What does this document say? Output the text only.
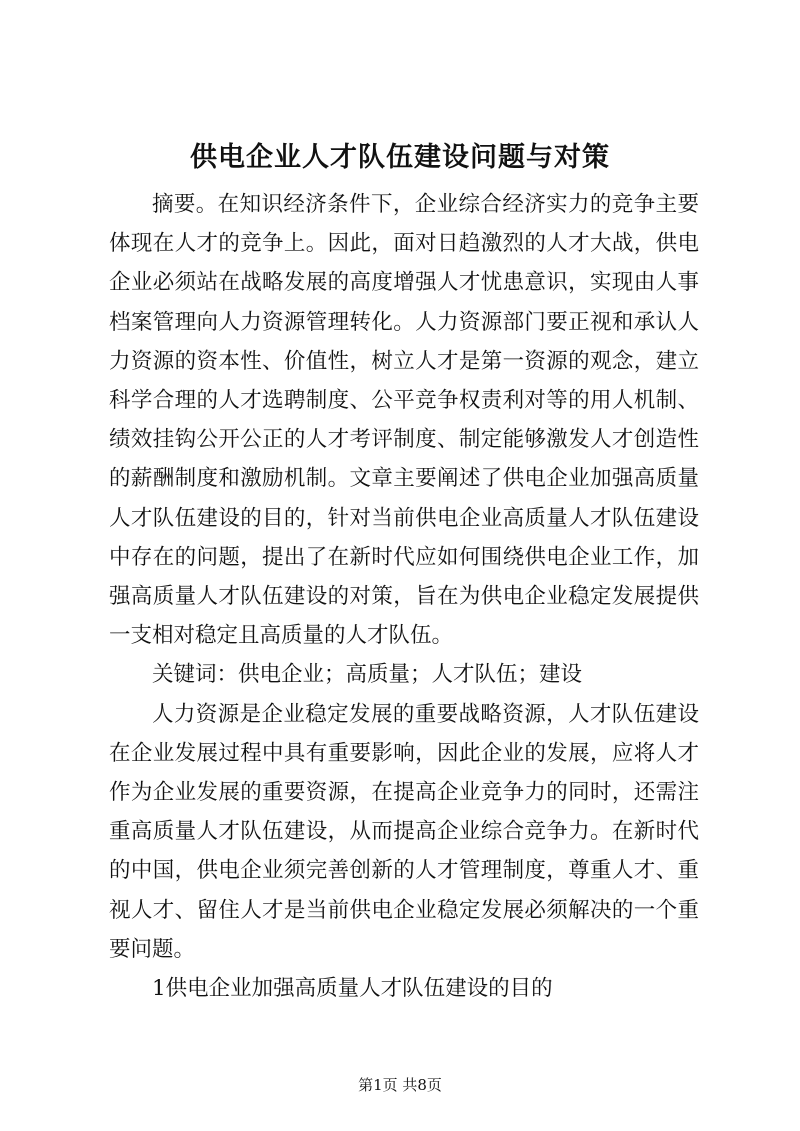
供电企业人才队伍建设问题与对策

摘要。在知识经济条件下，企业综合经济实力的竞争主要体现在人才的竞争上。因此，面对日趋激烈的人才大战，供电企业必须站在战略发展的高度增强人才忧患意识，实现由人事档案管理向人力资源管理转化。人力资源部门要正视和承认人力资源的资本性、价值性，树立人才是第一资源的观念，建立科学合理的人才选聘制度、公平竞争权责利对等的用人机制、绩效挂钩公开公正的人才考评制度、制定能够激发人才创造性的薪酬制度和激励机制。文章主要阐述了供电企业加强高质量人才队伍建设的目的，针对当前供电企业高质量人才队伍建设中存在的问题，提出了在新时代应如何围绕供电企业工作，加强高质量人才队伍建设的对策，旨在为供电企业稳定发展提供一支相对稳定且高质量的人才队伍。

关键词：供电企业；高质量；人才队伍；建设

人力资源是企业稳定发展的重要战略资源，人才队伍建设在企业发展过程中具有重要影响，因此企业的发展，应将人才作为企业发展的重要资源，在提高企业竞争力的同时，还需注重高质量人才队伍建设，从而提高企业综合竞争力。在新时代的中国，供电企业须完善创新的人才管理制度，尊重人才、重视人才、留住人才是当前供电企业稳定发展必须解决的一个重要问题。

1供电企业加强高质量人才队伍建设的目的

第1页 共8页
